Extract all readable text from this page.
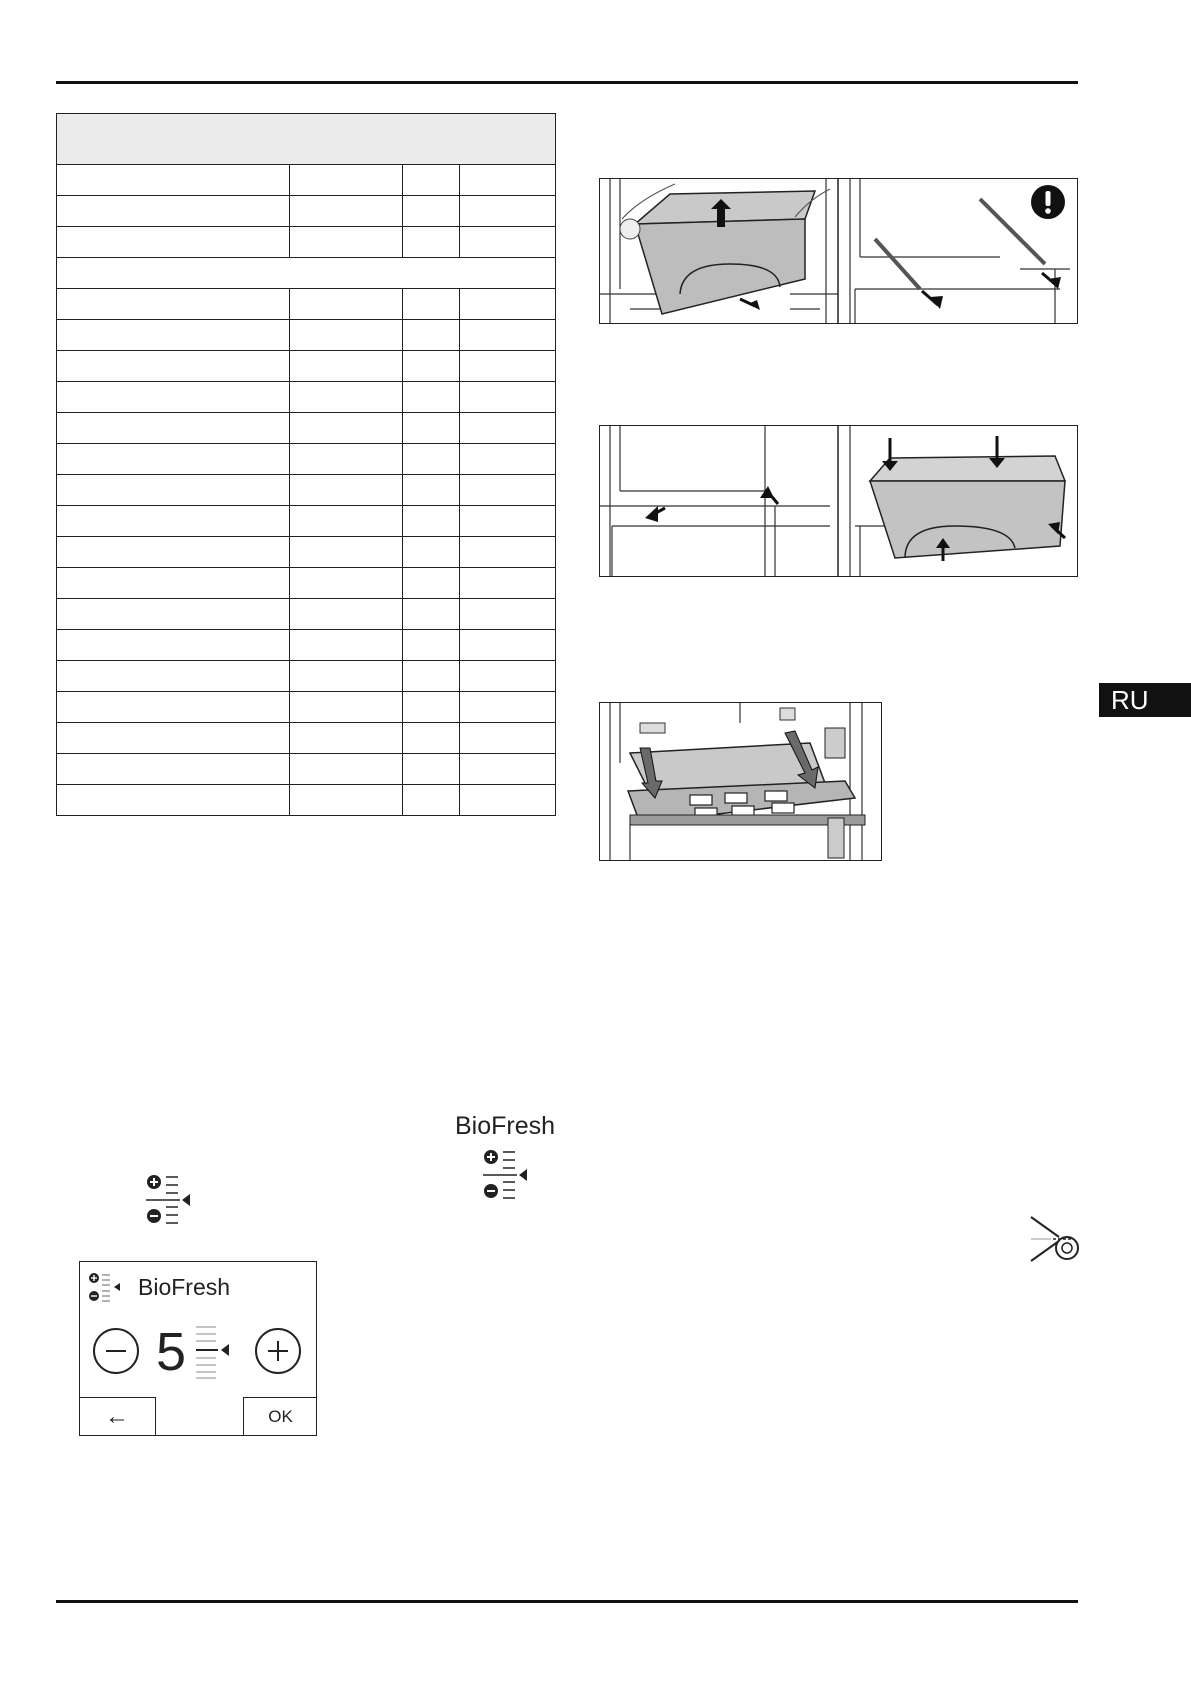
RU
BioFresh
BioFresh
5
←	OK
